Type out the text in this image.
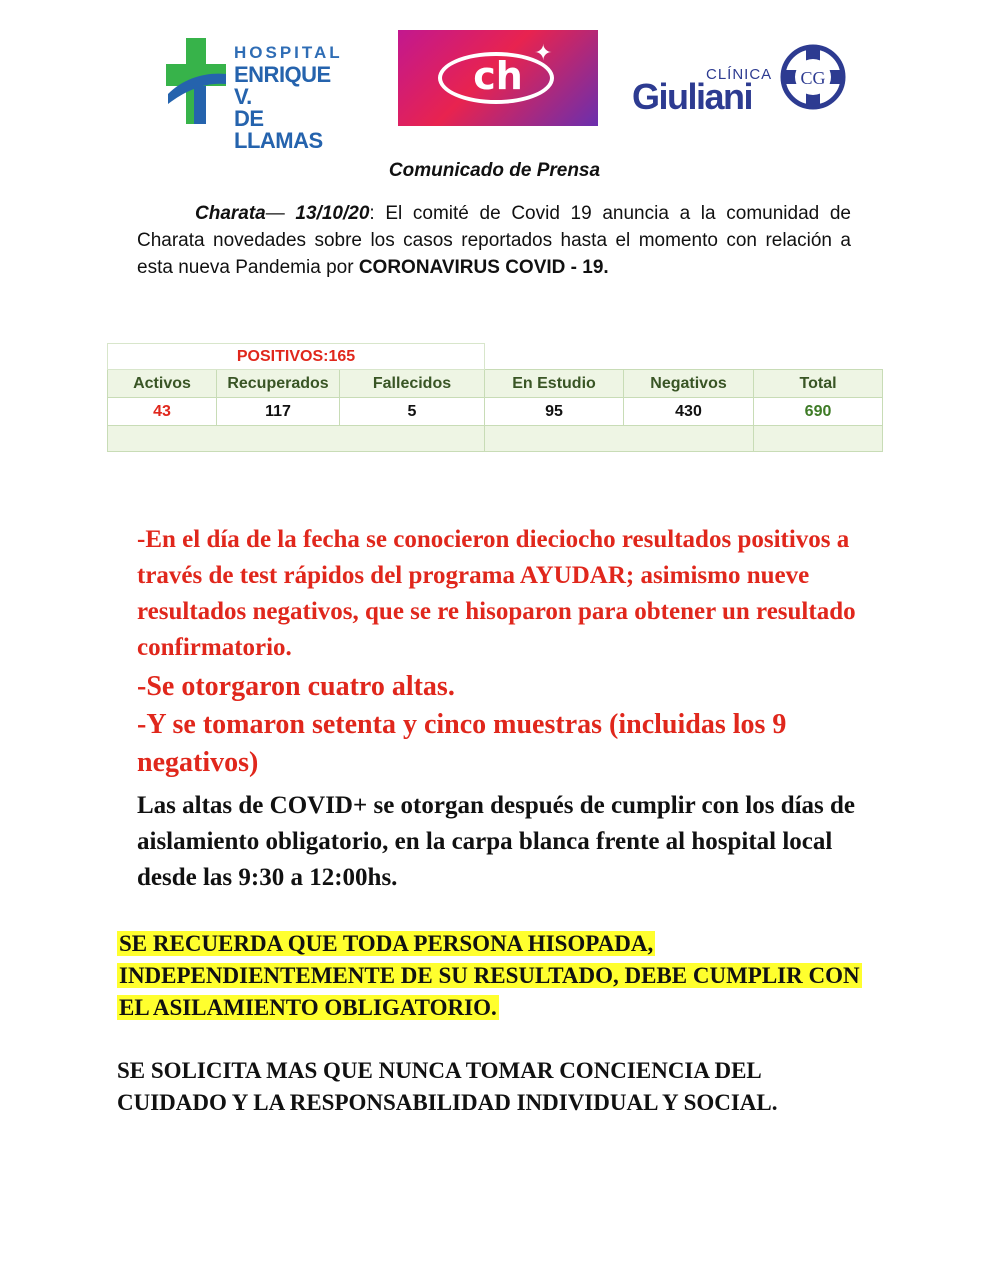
HOSPITAL
ENRIQUE V.
DE LLAMAS
ch
✦
CLÍNICA
Giuliani	CG
Comunicado de Prensa
Charata— 13/10/20: El comité de Covid 19 anuncia a la comunidad de Charata novedades sobre los casos reportados hasta el momento con relación a esta nueva Pandemia por CORONAVIRUS COVID - 19.
POSITIVOS:165					
Activos	Recuperados	Fallecidos	En Estudio	Negativos	Total
43	117	5	95	430	690

-En el día de la fecha se conocieron dieciocho resultados positivos a través de test rápidos del programa AYUDAR; asimismo nueve resultados negativos, que se re hisoparon para obtener un resultado confirmatorio.
-Se otorgaron cuatro altas.
-Y se tomaron setenta y cinco muestras (incluidas los 9 negativos)
Las altas de COVID+ se otorgan después de cumplir con los días de aislamiento obligatorio, en la carpa blanca frente al hospital local desde las 9:30 a 12:00hs.
SE RECUERDA QUE TODA PERSONA HISOPADA, INDEPENDIENTEMENTE DE SU RESULTADO, DEBE CUMPLIR CON EL ASILAMIENTO OBLIGATORIO.
SE SOLICITA MAS QUE NUNCA TOMAR CONCIENCIA DEL CUIDADO Y LA RESPONSABILIDAD INDIVIDUAL Y SOCIAL.
